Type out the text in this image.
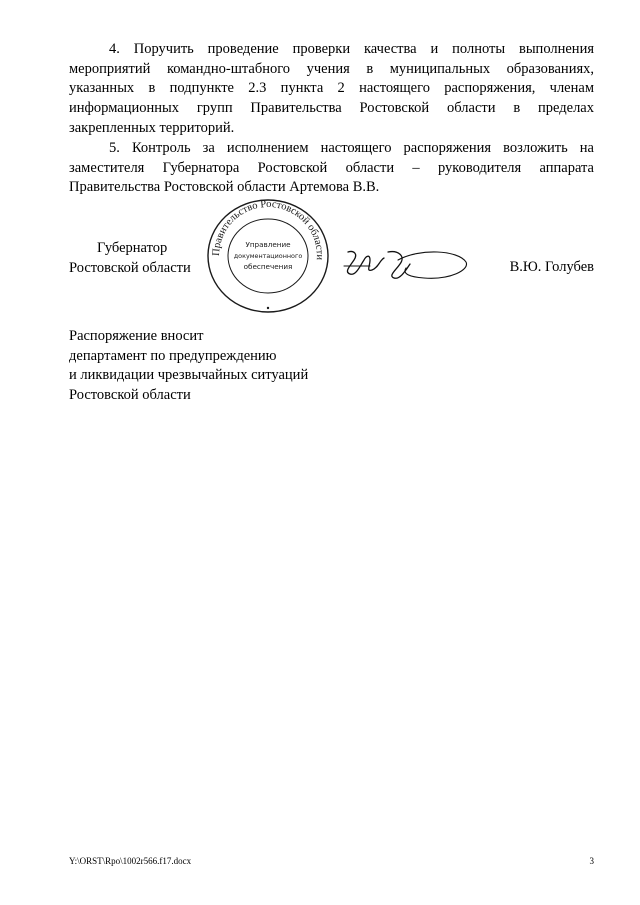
4. Поручить проведение проверки качества и полноты выполнения мероприятий командно-штабного учения в муниципальных образованиях, указанных в подпункте 2.3 пункта 2 настоящего распоряжения, членам информационных групп Правительства Ростовской области в пределах закрепленных территорий.

5. Контроль за исполнением настоящего распоряжения возложить на заместителя Губернатора Ростовской области – руководителя аппарата Правительства Ростовской области Артемова В.В.

Губернатор
Ростовской области
Правительство Ростовской области
Управление
документационного
обеспечения	В.Ю. Голубев
Распоряжение вносит
департамент по предупреждению
и ликвидации чрезвычайных ситуаций
Ростовской области
Y:\ORST\Rpo\1002r566.f17.docx	3
